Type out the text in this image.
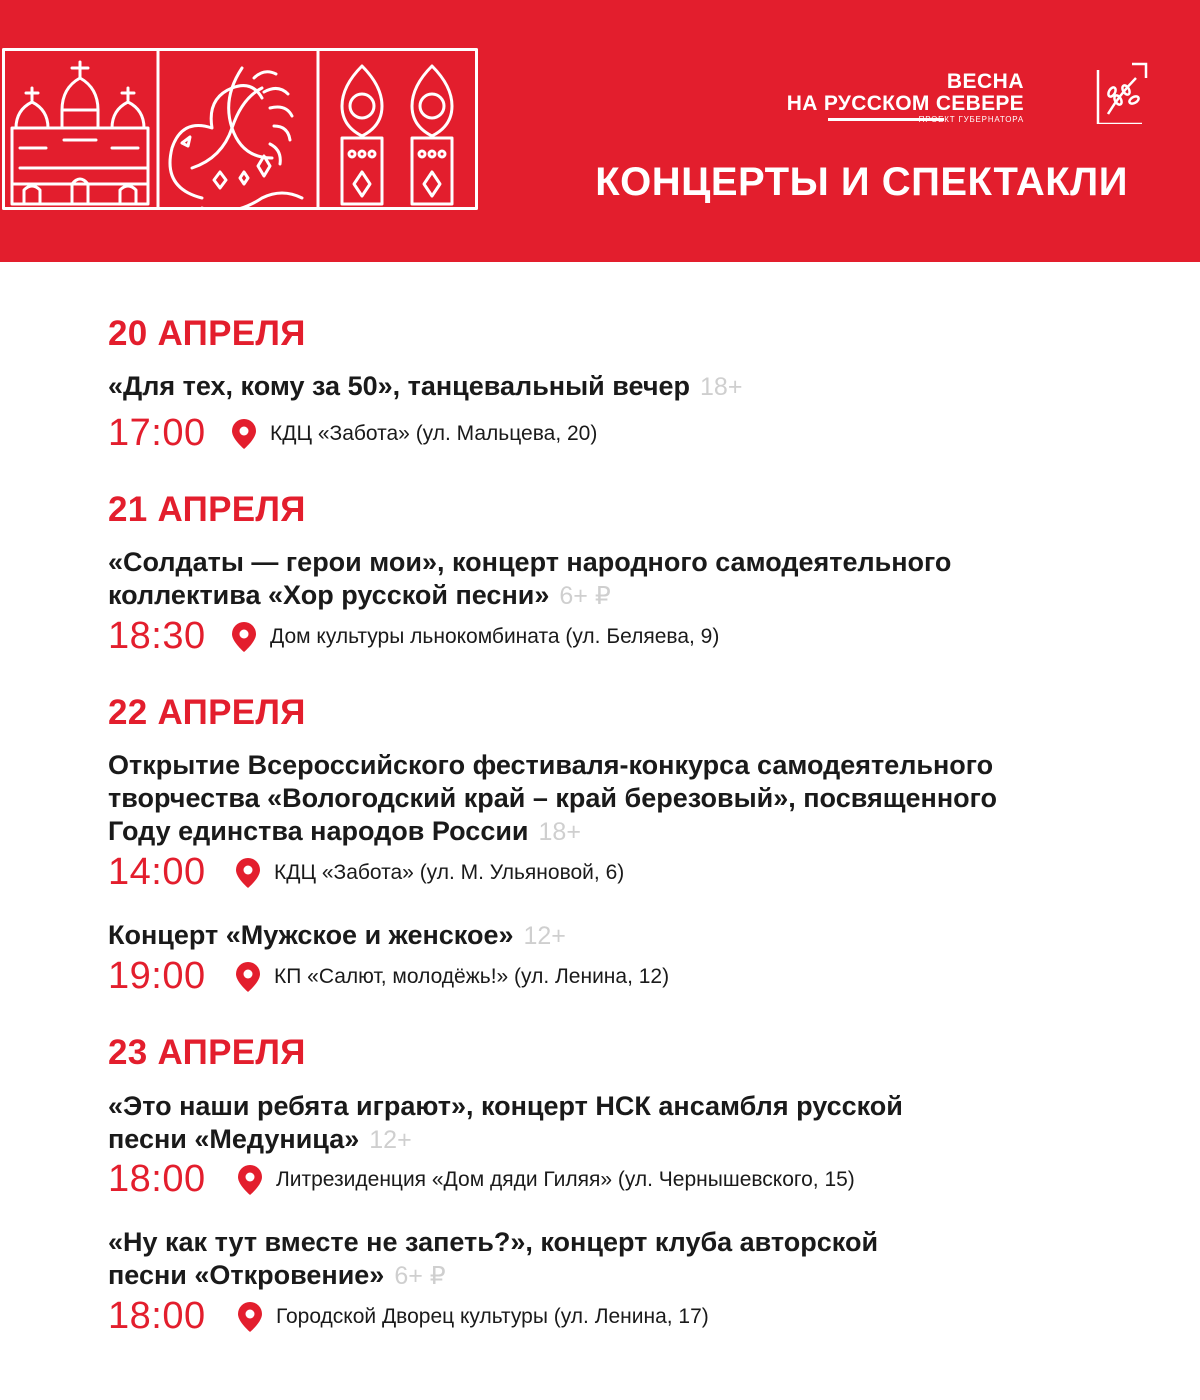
ВЕСНА
НА РУССКОМ СЕВЕРЕ
ПРОЕКТ ГУБЕРНАТОРА
КОНЦЕРТЫ И СПЕКТАКЛИ
20 АПРЕЛЯ
«Для тех, кому за 50», танцевальный вечер 18+
17:00	КДЦ «Забота» (ул. Мальцева, 20)
21 АПРЕЛЯ
«Солдаты — герои мои», концерт народного самодеятельного
коллектива «Хор русской песни» 6+ ₽
18:30	Дом культуры льнокомбината (ул. Беляева, 9)
22 АПРЕЛЯ
Открытие Всероссийского фестиваля-конкурса самодеятельного
творчества «Вологодский край – край березовый», посвященного
Году единства народов России 18+
14:00	КДЦ «Забота» (ул. М. Ульяновой, 6)
Концерт «Мужское и женское» 12+
19:00	КП «Салют, молодёжь!» (ул. Ленина, 12)
23 АПРЕЛЯ
«Это наши ребята играют», концерт НСК ансамбля русской
песни «Медуница» 12+
18:00	Литрезиденция «Дом дяди Гиляя» (ул. Чернышевского, 15)
«Ну как тут вместе не запеть?», концерт клуба авторской
песни «Откровение» 6+ ₽
18:00	Городской Дворец культуры (ул. Ленина, 17)
